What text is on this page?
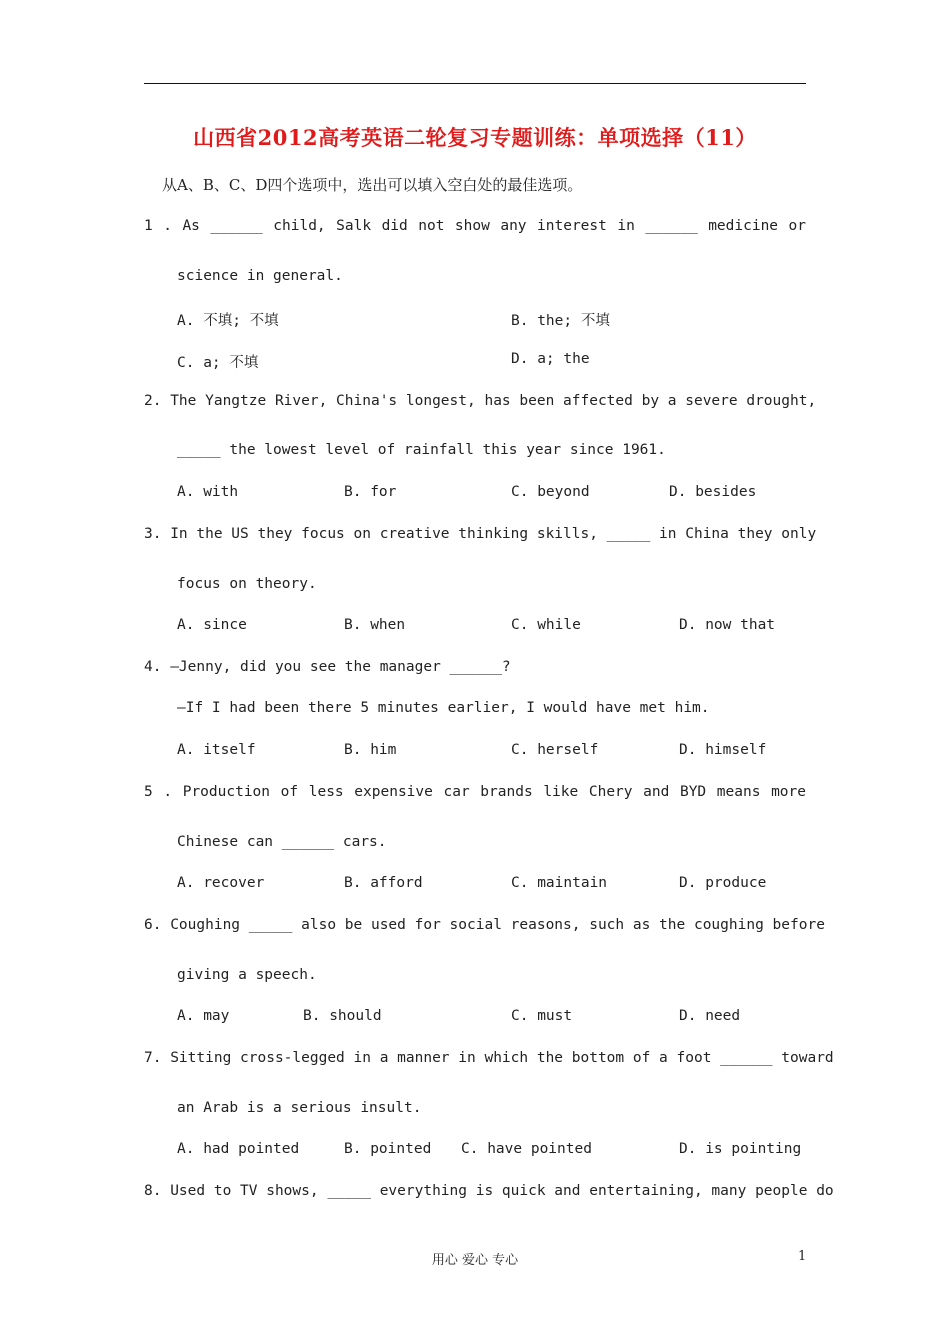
山西省2012高考英语二轮复习专题训练：单项选择（11）
从A、B、C、D四个选项中，选出可以填入空白处的最佳选项。
1 . As ______ child, Salk did not show any interest in ______ medicine or
science in general.
A. 不填; 不填	B. the; 不填
C. a; 不填	D. a; the
2. The Yangtze River, China's longest, has been affected by a severe drought,
_____ the lowest level of rainfall this year since 1961.
A. with	B. for	C. beyond	D. besides
3. In the US they focus on creative thinking skills, _____ in China they only
focus on theory.
A. since	B. when	C. while	D. now that
4. —Jenny, did you see the manager ______?
—If I had been there 5 minutes earlier, I would have met him.
A. itself	B. him	C. herself	D. himself
5 . Production of less expensive car brands like Chery and BYD means more
Chinese can ______ cars.
A. recover	B. afford	C. maintain	D. produce
6. Coughing _____ also be used for social reasons, such as the coughing before
giving a speech.
A. may	B. should	C. must	D. need
7. Sitting cross-legged in a manner in which the bottom of a foot ______ toward
an Arab is a serious insult.
A. had pointed	B. pointed C. have pointed	D. is pointing
8. Used to TV shows, _____ everything is quick and entertaining, many people do
用心 爱心 专心	1
